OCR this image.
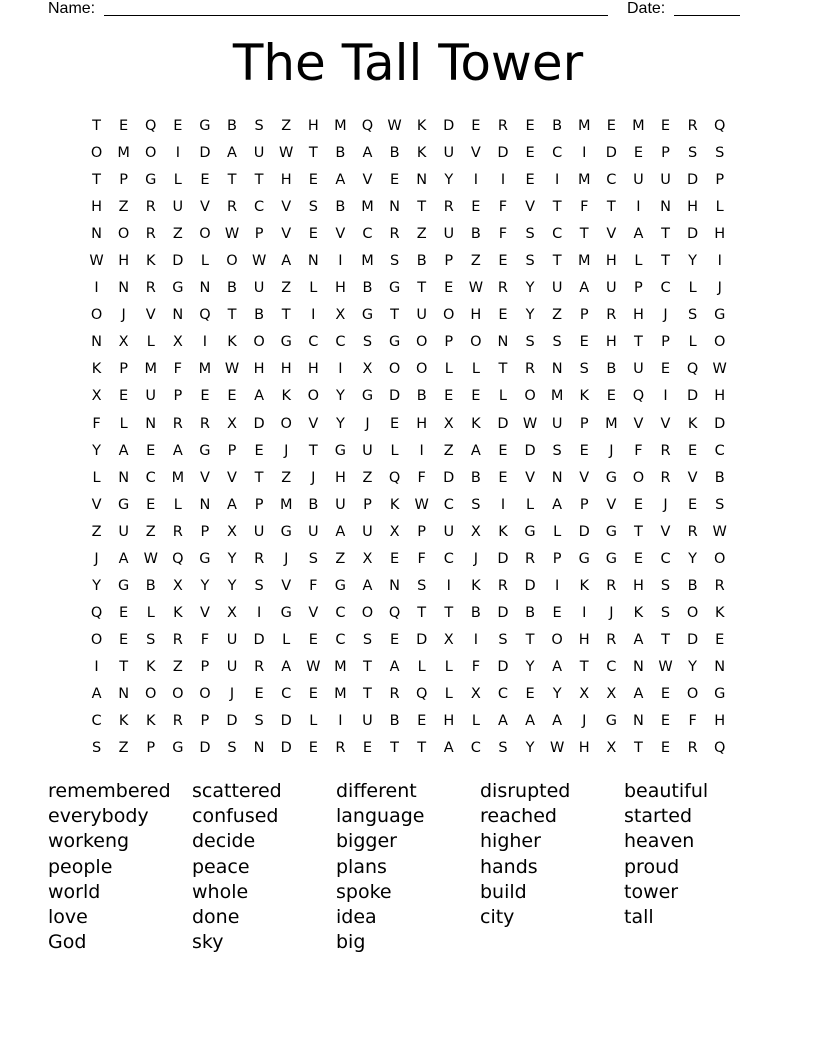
Name:	Date:
The Tall Tower
T	E	Q	E	G	B	S	Z	H	M	Q W	K	D	E	R	E	B	M	E	M	E	R	Q
O	M	O	I	D	A	U	W	T	B	A	B	K	U	V	D	E	C	I	D	E	P	S	S
T	P	G	L	E	T	T	H	E	A	V	E	N	Y	I	I	E	I	M	C	U	U	D	P
H	Z	R	U	V	R	C	V	S	B	M	N	T	R	E	F	V	T	F	T	I	N	H	L
N	O	R	Z	O W	P	V	E	V	C	R	Z	U	B	F	S	C	T	V	A	T	D	H
W H	K	D	L	O W	A	N	I	M	S	B	P	Z	E	S	T	M	H	L	T	Y	I
I	N	R	G	N	B	U	Z	L	H	B	G	T	E	W	R	Y	U	A	U	P	C	L	J
O	J	V	N	Q	T	B	T	I	X	G	T	U	O	H	E	Y	Z	P	R	H	J	S	G
N	X	L	X	I	K	O	G	C	C	S	G	O	P	O	N	S	S	E	H	T	P	L	O
K	P	M	F	M W H	H	H	I	X	O	O	L	L	T	R	N	S	B	U	E	Q W
X	E	U	P	E	E	A	K	O	Y	G	D	B	E	E	L	O	M	K	E	Q	I	D	H
F	L	N	R	R	X	D	O	V	Y	J	E	H	X	K	D W	U	P	M	V	V	K	D
Y	A	E	A	G	P	E	J	T	G	U	L	I	Z	A	E	D	S	E	J	F	R	E	C
L	N	C	M	V	V	T	Z	J	H	Z	Q	F	D	B	E	V	N	V	G	O	R	V	B
V	G	E	L	N	A	P	M	B	U	P	K	W	C	S	I	L	A	P	V	E	J	E	S
Z	U	Z	R	P	X	U	G	U	A	U	X	P	U	X	K	G	L	D	G	T	V	R	W
J	A	W Q	G	Y	R	J	S	Z	X	E	F	C	J	D	R	P	G	G	E	C	Y	O
Y	G	B	X	Y	Y	S	V	F	G	A	N	S	I	K	R	D	I	K	R	H	S	B	R
Q	E	L	K	V	X	I	G	V	C	O	Q	T	T	B	D	B	E	I	J	K	S	O	K
O	E	S	R	F	U	D	L	E	C	S	E	D	X	I	S	T	O	H	R	A	T	D	E
I	T	K	Z	P	U	R	A	W M	T	A	L	L	F	D	Y	A	T	C	N	W	Y	N
A	N	O	O	O	J	E	C	E	M	T	R	Q	L	X	C	E	Y	X	X	A	E	O	G
C	K	K	R	P	D	S	D	L	I	U	B	E	H	L	A	A	A	J	G	N	E	F	H
S	Z	P	G	D	S	N	D	E	R	E	T	T	A	C	S	Y	W H	X	T	E	R	Q
remembered
everybody
workeng
people
world
love
God
scattered
confused
decide
peace
whole
done
sky
different
language
bigger
plans
spoke
idea
big
disrupted
reached
higher
hands
build
city
beautiful
started
heaven
proud
tower
tall
